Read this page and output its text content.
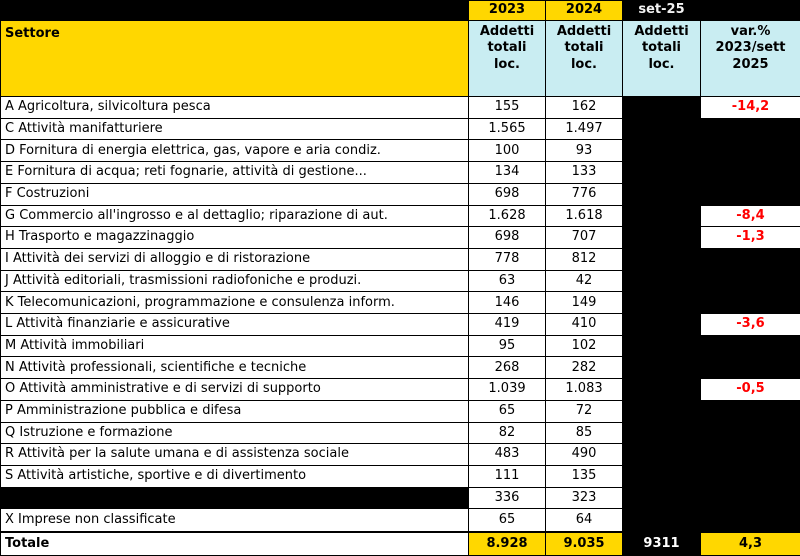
	2023	2024	set-25	
Settore	Addetti totali loc.	Addetti totali loc.	Addetti totali loc.	var.% 2023/sett 2025
A Agricoltura, silvicoltura pesca	155	162		-14,2
C Attività manifatturiere	1.565	1.497		
D Fornitura di energia elettrica, gas, vapore e aria condiz.	100	93		
E Fornitura di acqua; reti fognarie, attività di gestione...	134	133		
F Costruzioni	698	776		
G Commercio all'ingrosso e al dettaglio; riparazione di aut.	1.628	1.618		-8,4
H Trasporto e magazzinaggio	698	707		-1,3
I Attività dei servizi di alloggio e di ristorazione	778	812		
J Attività editoriali, trasmissioni radiofoniche e produzi.	63	42		
K Telecomunicazioni, programmazione e consulenza inform.	146	149		
L Attività finanziarie e assicurative	419	410		-3,6
M Attività immobiliari	95	102		
N Attività professionali, scientifiche e tecniche	268	282		
O Attività amministrative e di servizi di supporto	1.039	1.083		-0,5
P Amministrazione pubblica e difesa	65	72		
Q Istruzione e formazione	82	85		
R Attività per la salute umana e di assistenza sociale	483	490		
S Attività artistiche, sportive e di divertimento	111	135		
	336	323		
X Imprese non classificate	65	64		
Totale	8.928	9.035	9311	4,3
